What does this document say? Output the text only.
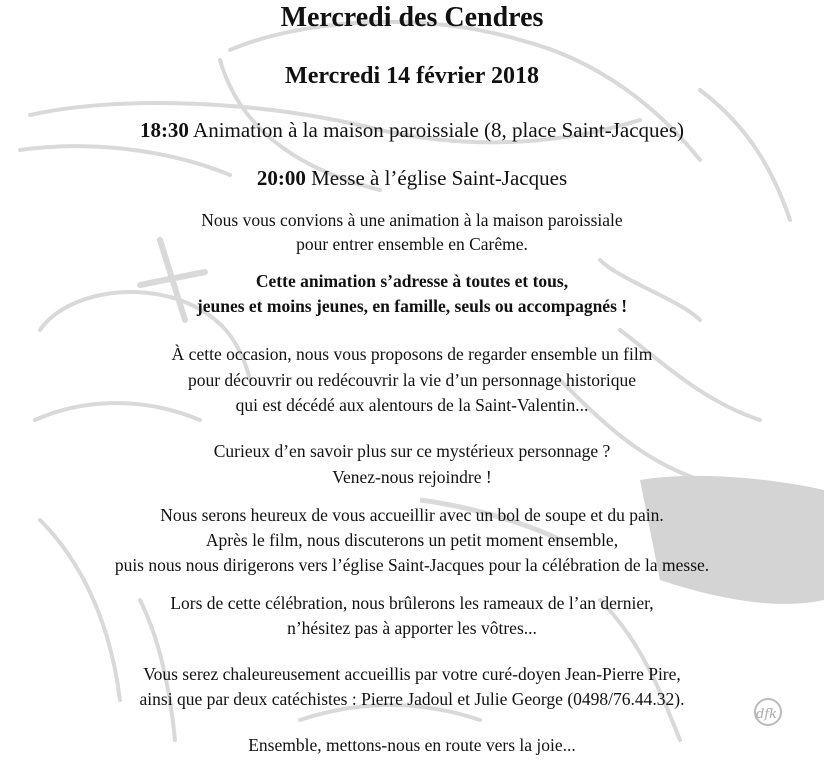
dfk
Mercredi des Cendres
Mercredi 14 février 2018
18:30 Animation à la maison paroissiale (8, place Saint-Jacques)
20:00 Messe à l’église Saint-Jacques
Nous vous convions à une animation à la maison paroissiale
pour entrer ensemble en Carême.
Cette animation s’adresse à toutes et tous,
jeunes et moins jeunes, en famille, seuls ou accompagnés !
À cette occasion, nous vous proposons de regarder ensemble un film
pour découvrir ou redécouvrir la vie d’un personnage historique
qui est décédé aux alentours de la Saint-Valentin...
Curieux d’en savoir plus sur ce mystérieux personnage ?
Venez-nous rejoindre !
Nous serons heureux de vous accueillir avec un bol de soupe et du pain.
Après le film, nous discuterons un petit moment ensemble,
puis nous nous dirigerons vers l’église Saint-Jacques pour la célébration de la messe.
Lors de cette célébration, nous brûlerons les rameaux de l’an dernier,
n’hésitez pas à apporter les vôtres...
Vous serez chaleureusement accueillis par votre curé-doyen Jean-Pierre Pire,
ainsi que par deux catéchistes : Pierre Jadoul et Julie George (0498/76.44.32).
Ensemble, mettons-nous en route vers la joie...
